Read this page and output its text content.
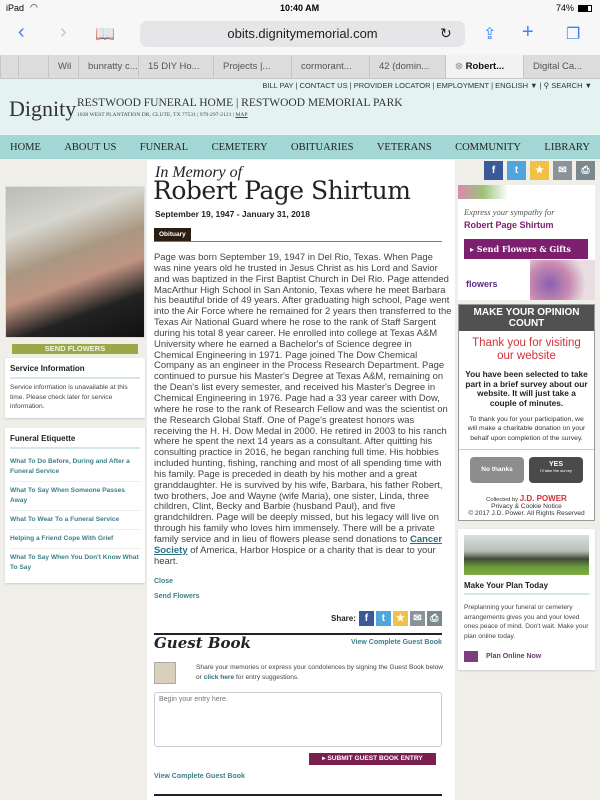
iPad ◠	10:40 AM	74%
‹ › 📖	obits.dignitymemorial.com	↻ ⇪ + ❐
Wil	bunratty c...	15 DIY Ho...	Projects |...	cormorant...	42 (domin...	⊗ Robert...	Digital Ca...
BILL PAY | CONTACT US | PROVIDER LOCATOR | EMPLOYMENT | ENGLISH ▼ | ⚲ SEARCH ▼
Dignity RESTWOOD FUNERAL HOME | RESTWOOD MEMORIAL PARK
1038 WEST PLANTATION DR, CLUTE, TX 77531 | 979-297-2121 | MAP
HOME ABOUT US FUNERAL CEMETERY OBITUARIES VETERANS COMMUNITY LIBRARY
SEND FLOWERS
Service Information

Service information is unavailable at this time. Please check later for service information.

Funeral Etiquette
What To Do Before, During and After a Funeral Service
What To Say When Someone Passes Away
What To Wear To a Funeral Service
Helping a Friend Cope With Grief
What To Say When You Don't Know What To Say
In Memory of
Robert Page Shirtum
September 19, 1947 - January 31, 2018
Obituary
Page was born September 19, 1947 in Del Rio, Texas. When Page was nine years old he trusted in Jesus Christ as his Lord and Savior and was baptized in the First Baptist Church in Del Rio. Page attended MacArthur High School in San Antonio, Texas where he meet Barbara his beautiful bride of 49 years. After graduating high school, Page went into the Air Force where he remained for 2 years then transferred to the Texas Air National Guard where he rose to the rank of Staff Sargent during his total 8 year career. He enrolled into college at Texas A&M University where he earned a Bachelor's of Science degree in Chemical Engineering in 1971. Page joined The Dow Chemical Company as an engineer in the Process Research Department. Page continued to pursue his Master's Degree at Texas A&M, remaining on the Dean's list every semester, and received his Master's Degree in Chemical Engineering in 1976. Page had a 33 year career with Dow, where he rose to the rank of Research Fellow and was the scientist on the Research Global Staff. One of Page's greatest honors was receiving the H. H. Dow Medal in 2000. He retired in 2003 to his ranch where he spent the next 14 years as a consultant. After quitting his consulting practice in 2016, he began ranching full time. His hobbies included hunting, fishing, ranching and most of all spending time with his family. Page is preceded in death by his mother and a great granddaughter. He is survived by his wife, Barbara, his father Robert, two brothers, Joe and Wayne (wife Maria), one sister, Linda, three children, Clint, Becky and Barbie (husband Paul), and five grandchildren. Page will be deeply missed, but his legacy will live on through his family who loves him immensely. There will be a private family service and in lieu of flowers please send donations to Cancer Society of America, Harbor Hospice or a charity that is dear to your heart.
Close
Send Flowers
Share: f	t	★ ✉ ⎙
Guest Book	View Complete Guest Book
Share your memories or express your condolences by signing the Guest Book below or click here for entry suggestions.
Begin your entry here.
▸ SUBMIT GUEST BOOK ENTRY
View Complete Guest Book
f	t	★	✉	⎙
Express your sympathy for
Robert Page Shirtum
▸ Send Flowers & Gifts
flowers
MAKE YOUR OPINION COUNT
Thank you for visiting our website
You have been selected to take part in a brief survey about our website. It will just take a couple of minutes.
To thank you for your participation, we will make a charitable donation on your behalf upon completion of the survey.
No thanks
YES
I'll take the survey
Collected by J.D. POWER
Privacy & Cookie Notice
© 2017 J.D. Power. All Rights Reserved
Make Your Plan Today
Preplanning your funeral or cemetery arrangements gives you and your loved ones peace of mind. Don't wait. Make your plan online today.
Plan Online Now
